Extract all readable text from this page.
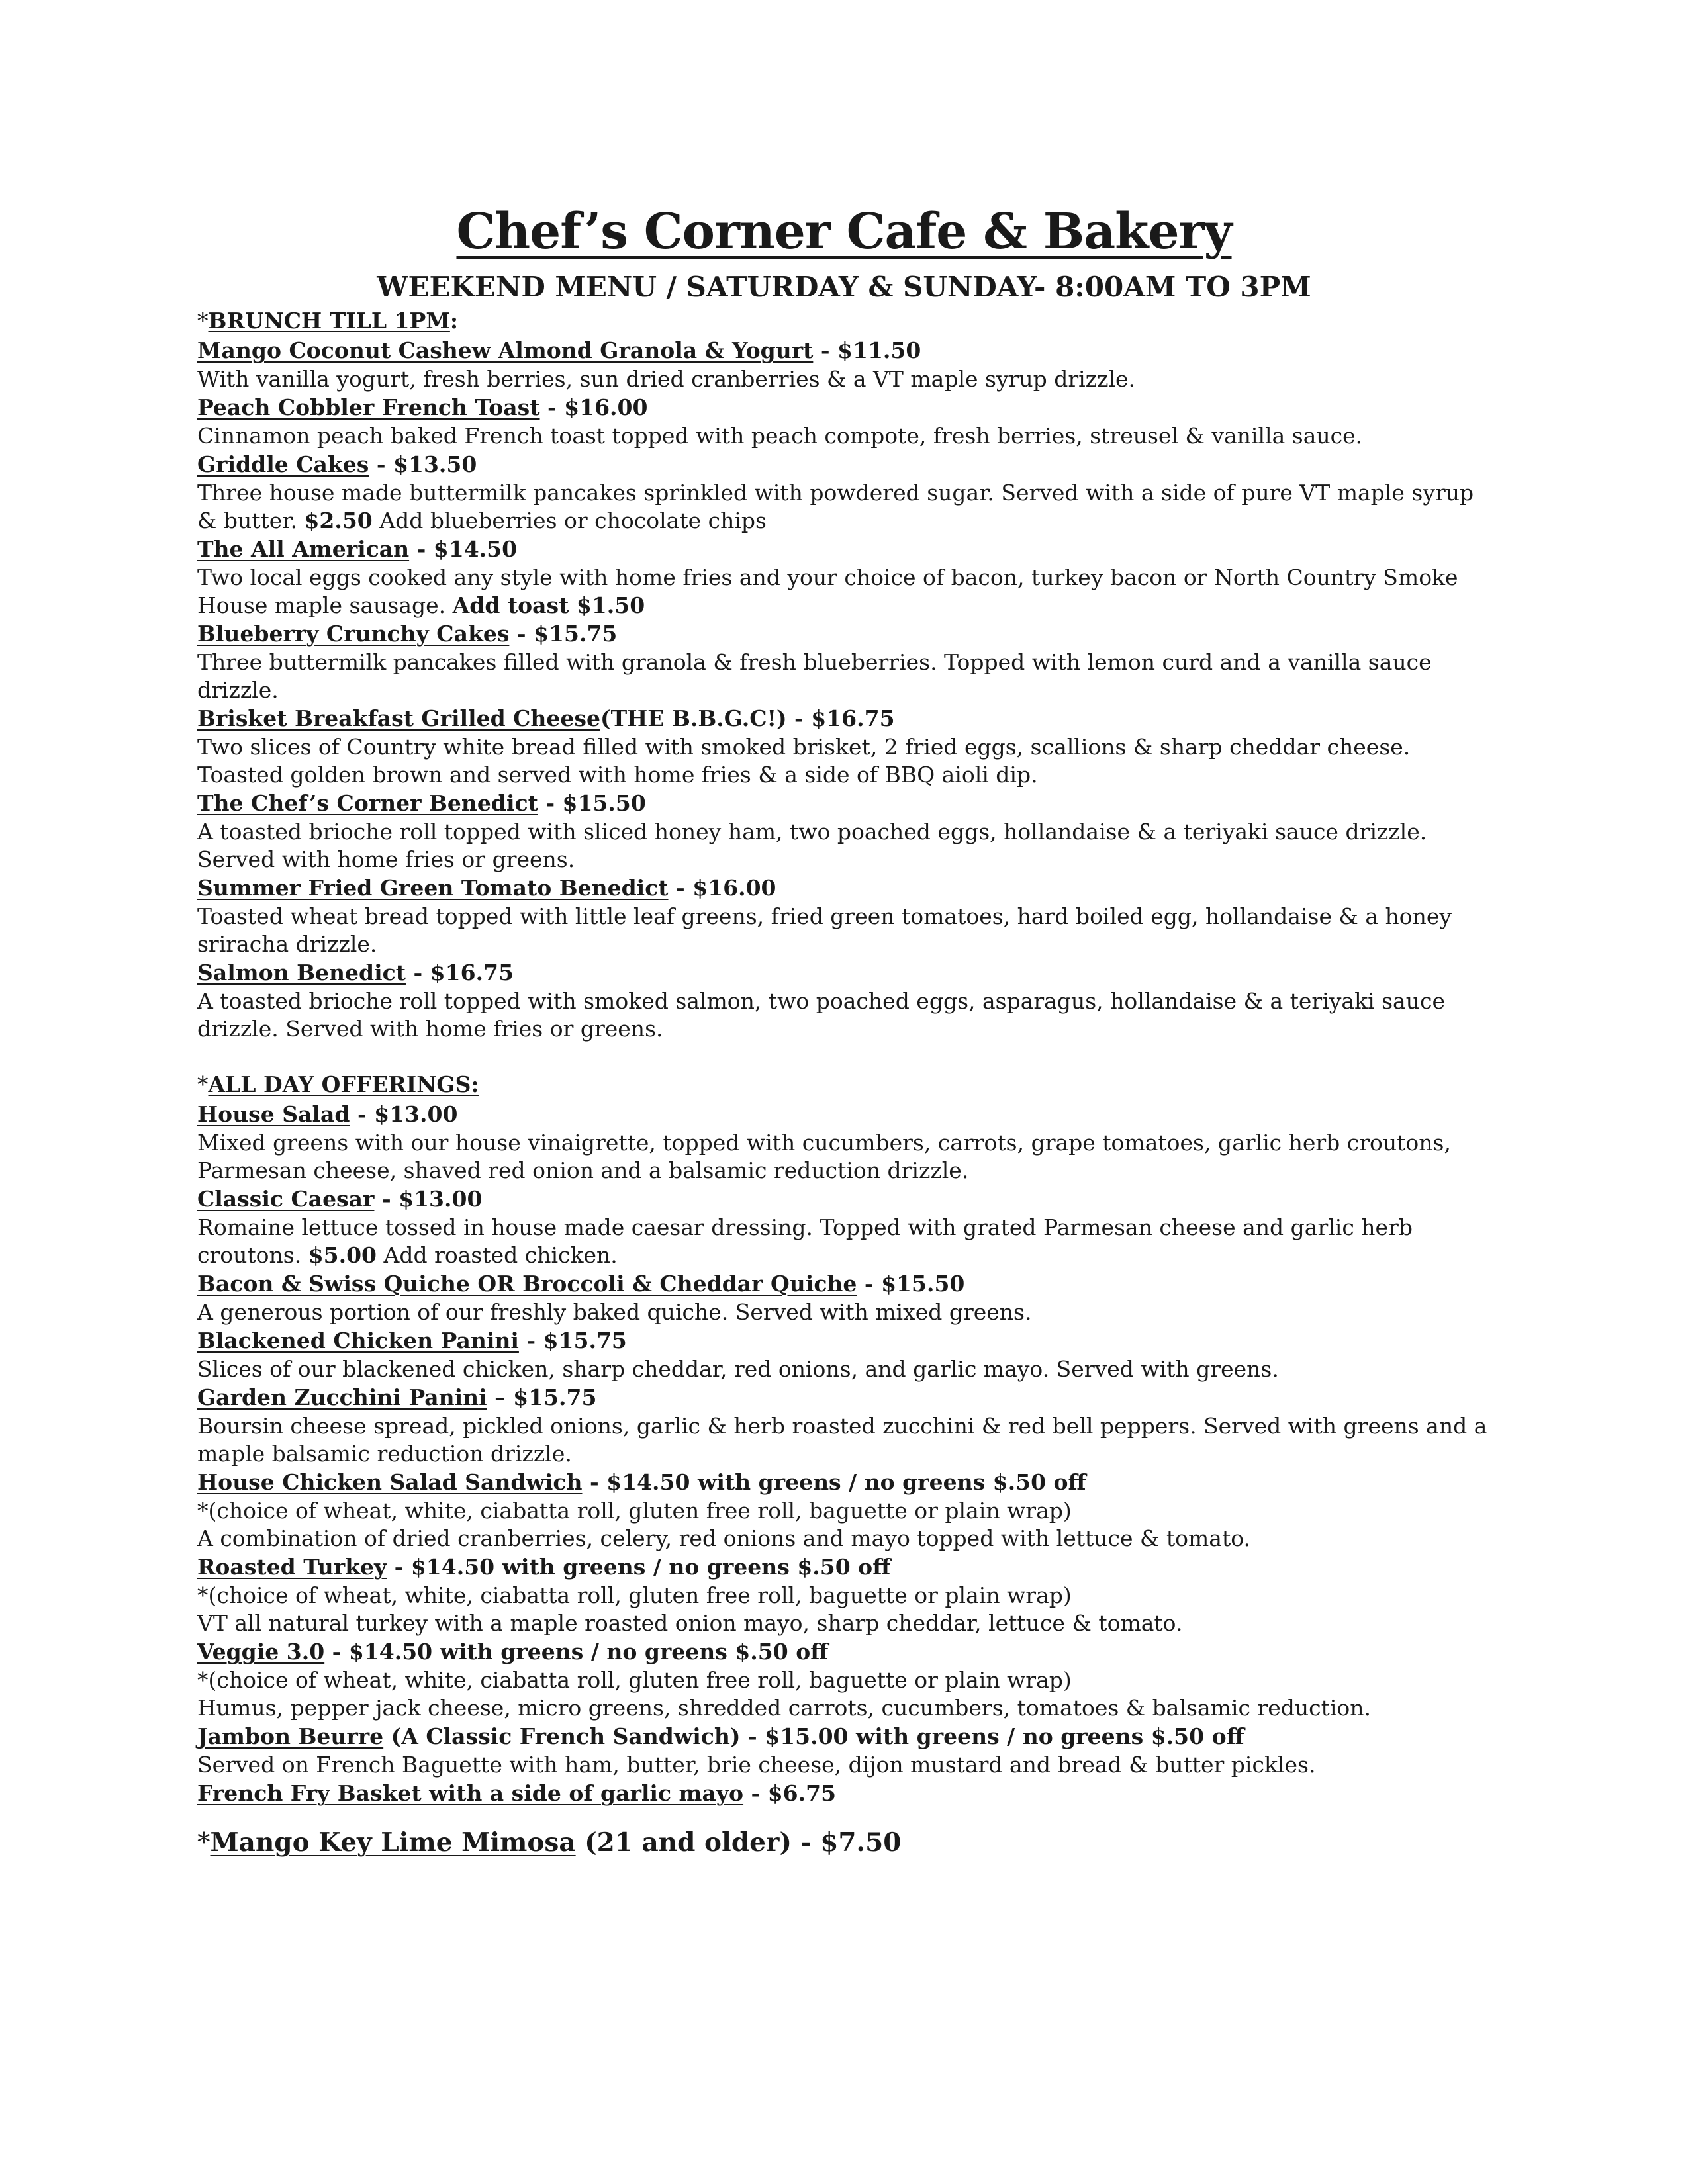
Chef’s Corner Cafe & Bakery
WEEKEND MENU / SATURDAY & SUNDAY- 8:00AM TO 3PM
*BRUNCH TILL 1PM:
Mango Coconut Cashew Almond Granola & Yogurt - $11.50
With vanilla yogurt, fresh berries, sun dried cranberries & a VT maple syrup drizzle.
Peach Cobbler French Toast - $16.00
Cinnamon peach baked French toast topped with peach compote, fresh berries, streusel & vanilla sauce.
Griddle Cakes - $13.50
Three house made buttermilk pancakes sprinkled with powdered sugar. Served with a side of pure VT maple syrup & butter. $2.50 Add blueberries or chocolate chips
The All American - $14.50
Two local eggs cooked any style with home fries and your choice of bacon, turkey bacon or North Country Smoke House maple sausage. Add toast $1.50
Blueberry Crunchy Cakes - $15.75
Three buttermilk pancakes filled with granola & fresh blueberries. Topped with lemon curd and a vanilla sauce drizzle.
Brisket Breakfast Grilled Cheese(THE B.B.G.C!) - $16.75
Two slices of Country white bread filled with smoked brisket, 2 fried eggs, scallions & sharp cheddar cheese. Toasted golden brown and served with home fries & a side of BBQ aioli dip.
The Chef’s Corner Benedict - $15.50
A toasted brioche roll topped with sliced honey ham, two poached eggs, hollandaise & a teriyaki sauce drizzle. Served with home fries or greens.
Summer Fried Green Tomato Benedict - $16.00
Toasted wheat bread topped with little leaf greens, fried green tomatoes, hard boiled egg, hollandaise & a honey sriracha drizzle.
Salmon Benedict - $16.75
A toasted brioche roll topped with smoked salmon, two poached eggs, asparagus, hollandaise & a teriyaki sauce drizzle. Served with home fries or greens.
*ALL DAY OFFERINGS:
House Salad - $13.00
Mixed greens with our house vinaigrette, topped with cucumbers, carrots, grape tomatoes, garlic herb croutons, Parmesan cheese, shaved red onion and a balsamic reduction drizzle.
Classic Caesar - $13.00
Romaine lettuce tossed in house made caesar dressing. Topped with grated Parmesan cheese and garlic herb croutons. $5.00 Add roasted chicken.
Bacon & Swiss Quiche OR Broccoli & Cheddar Quiche - $15.50
A generous portion of our freshly baked quiche. Served with mixed greens.
Blackened Chicken Panini - $15.75
Slices of our blackened chicken, sharp cheddar, red onions, and garlic mayo. Served with greens.
Garden Zucchini Panini – $15.75
Boursin cheese spread, pickled onions, garlic & herb roasted zucchini & red bell peppers. Served with greens and a maple balsamic reduction drizzle.
House Chicken Salad Sandwich - $14.50 with greens / no greens $.50 off
*(choice of wheat, white, ciabatta roll, gluten free roll, baguette or plain wrap)
A combination of dried cranberries, celery, red onions and mayo topped with lettuce & tomato.
Roasted Turkey - $14.50 with greens / no greens $.50 off
*(choice of wheat, white, ciabatta roll, gluten free roll, baguette or plain wrap)
VT all natural turkey with a maple roasted onion mayo, sharp cheddar, lettuce & tomato.
Veggie 3.0 - $14.50 with greens / no greens $.50 off
*(choice of wheat, white, ciabatta roll, gluten free roll, baguette or plain wrap)
Humus, pepper jack cheese, micro greens, shredded carrots, cucumbers, tomatoes & balsamic reduction.
Jambon Beurre (A Classic French Sandwich) - $15.00 with greens / no greens $.50 off
Served on French Baguette with ham, butter, brie cheese, dijon mustard and bread & butter pickles.
French Fry Basket with a side of garlic mayo - $6.75
*Mango Key Lime Mimosa (21 and older) - $7.50
